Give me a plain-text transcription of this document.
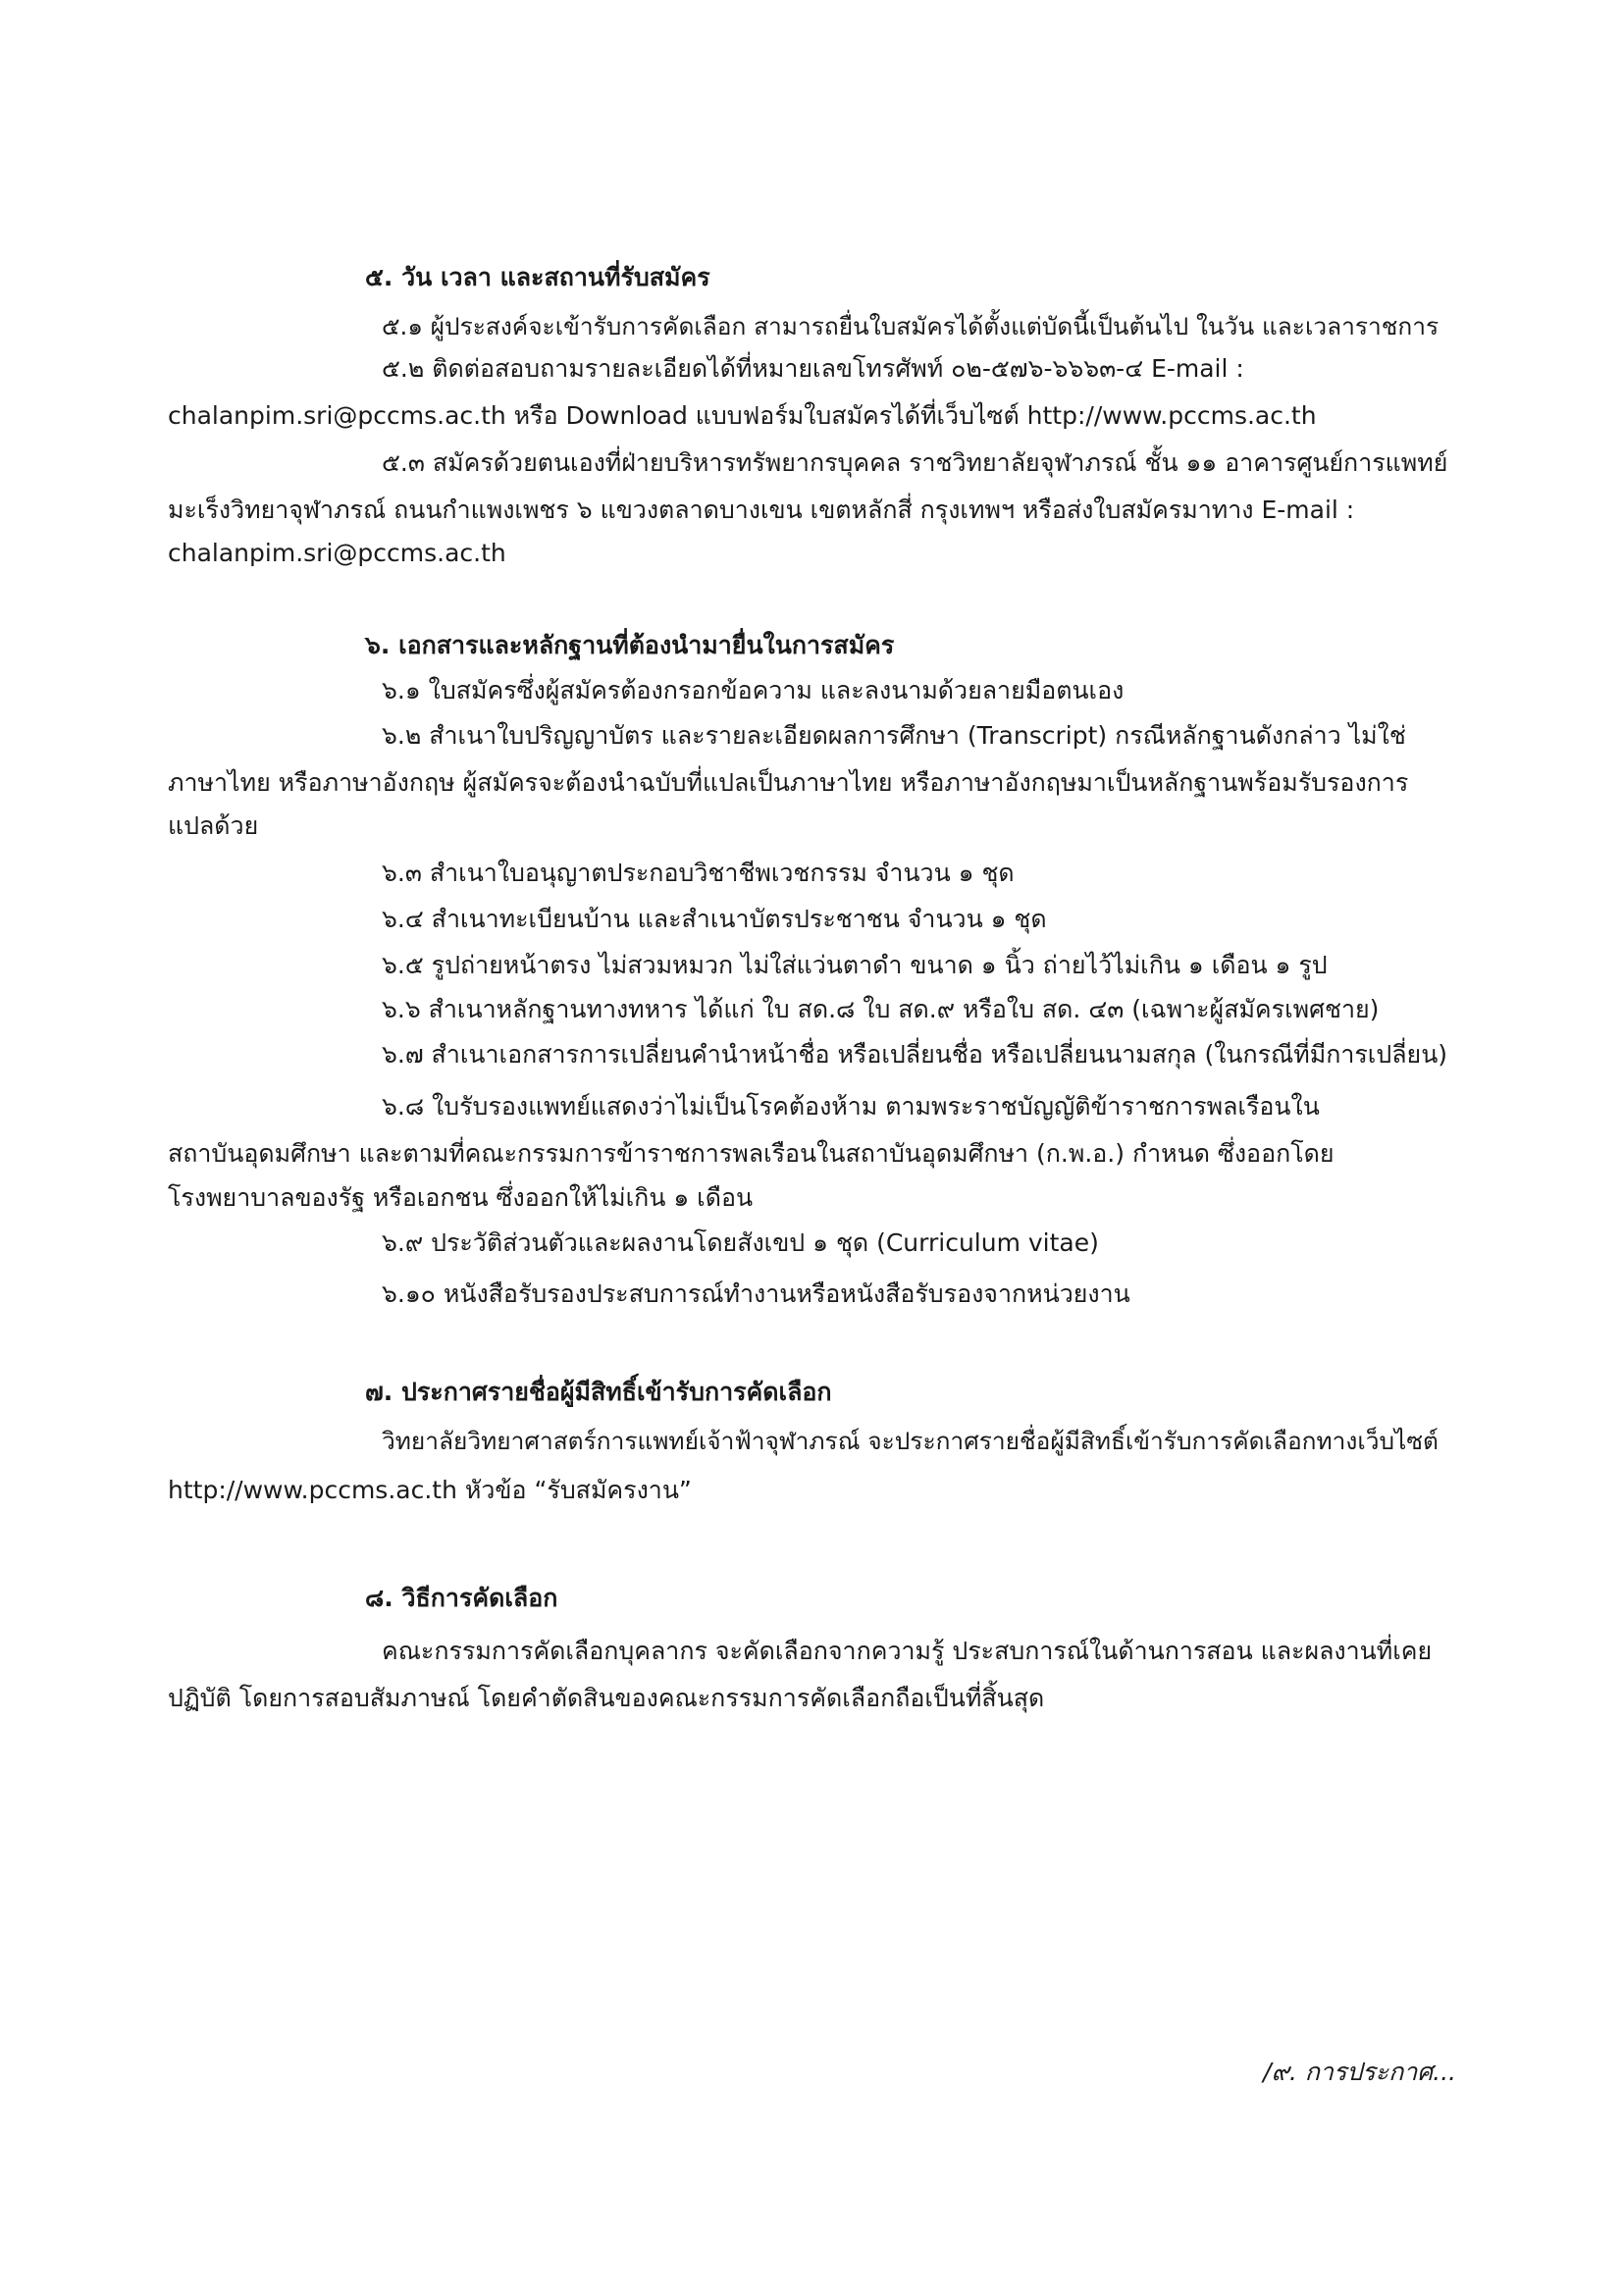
๕. วัน เวลา และสถานที่รับสมัคร
๕.๑ ผู้ประสงค์จะเข้ารับการคัดเลือก สามารถยื่นใบสมัครได้ตั้งแต่บัดนี้เป็นต้นไป ในวัน และเวลาราชการ
๕.๒ ติดต่อสอบถามรายละเอียดได้ที่หมายเลขโทรศัพท์ ๐๒-๕๗๖-๖๖๖๓-๔ E-mail :
chalanpim.sri@pccms.ac.th หรือ Download แบบฟอร์มใบสมัครได้ที่เว็บไซต์ http://www.pccms.ac.th
๕.๓ สมัครด้วยตนเองที่ฝ่ายบริหารทรัพยากรบุคคล ราชวิทยาลัยจุฬาภรณ์ ชั้น ๑๑ อาคารศูนย์การแพทย์
มะเร็งวิทยาจุฬาภรณ์ ถนนกำแพงเพชร ๖ แขวงตลาดบางเขน เขตหลักสี่ กรุงเทพฯ หรือส่งใบสมัครมาทาง E-mail :
chalanpim.sri@pccms.ac.th
๖. เอกสารและหลักฐานที่ต้องนำมายื่นในการสมัคร
๖.๑ ใบสมัครซึ่งผู้สมัครต้องกรอกข้อความ และลงนามด้วยลายมือตนเอง
๖.๒ สำเนาใบปริญญาบัตร และรายละเอียดผลการศึกษา (Transcript) กรณีหลักฐานดังกล่าว ไม่ใช่
ภาษาไทย หรือภาษาอังกฤษ ผู้สมัครจะต้องนำฉบับที่แปลเป็นภาษาไทย หรือภาษาอังกฤษมาเป็นหลักฐานพร้อมรับรองการ
แปลด้วย
๖.๓ สำเนาใบอนุญาตประกอบวิชาชีพเวชกรรม จำนวน ๑ ชุด
๖.๔ สำเนาทะเบียนบ้าน และสำเนาบัตรประชาชน จำนวน ๑ ชุด
๖.๕ รูปถ่ายหน้าตรง ไม่สวมหมวก ไม่ใส่แว่นตาดำ ขนาด ๑ นิ้ว ถ่ายไว้ไม่เกิน ๑ เดือน ๑ รูป
๖.๖ สำเนาหลักฐานทางทหาร ได้แก่ ใบ สด.๘ ใบ สด.๙ หรือใบ สด. ๔๓ (เฉพาะผู้สมัครเพศชาย)
๖.๗ สำเนาเอกสารการเปลี่ยนคำนำหน้าชื่อ หรือเปลี่ยนชื่อ หรือเปลี่ยนนามสกุล (ในกรณีที่มีการเปลี่ยน)
๖.๘ ใบรับรองแพทย์แสดงว่าไม่เป็นโรคต้องห้าม ตามพระราชบัญญัติข้าราชการพลเรือนใน
สถาบันอุดมศึกษา และตามที่คณะกรรมการข้าราชการพลเรือนในสถาบันอุดมศึกษา (ก.พ.อ.) กำหนด ซึ่งออกโดย
โรงพยาบาลของรัฐ หรือเอกชน ซึ่งออกให้ไม่เกิน ๑ เดือน
๖.๙ ประวัติส่วนตัวและผลงานโดยสังเขป ๑ ชุด (Curriculum vitae)
๖.๑๐ หนังสือรับรองประสบการณ์ทำงานหรือหนังสือรับรองจากหน่วยงาน
๗. ประกาศรายชื่อผู้มีสิทธิ์เข้ารับการคัดเลือก
วิทยาลัยวิทยาศาสตร์การแพทย์เจ้าฟ้าจุฬาภรณ์ จะประกาศรายชื่อผู้มีสิทธิ์เข้ารับการคัดเลือกทางเว็บไซต์
http://www.pccms.ac.th หัวข้อ “รับสมัครงาน”
๘. วิธีการคัดเลือก
คณะกรรมการคัดเลือกบุคลากร จะคัดเลือกจากความรู้ ประสบการณ์ในด้านการสอน และผลงานที่เคย
ปฏิบัติ โดยการสอบสัมภาษณ์ โดยคำตัดสินของคณะกรรมการคัดเลือกถือเป็นที่สิ้นสุด
/๙. การประกาศ...
